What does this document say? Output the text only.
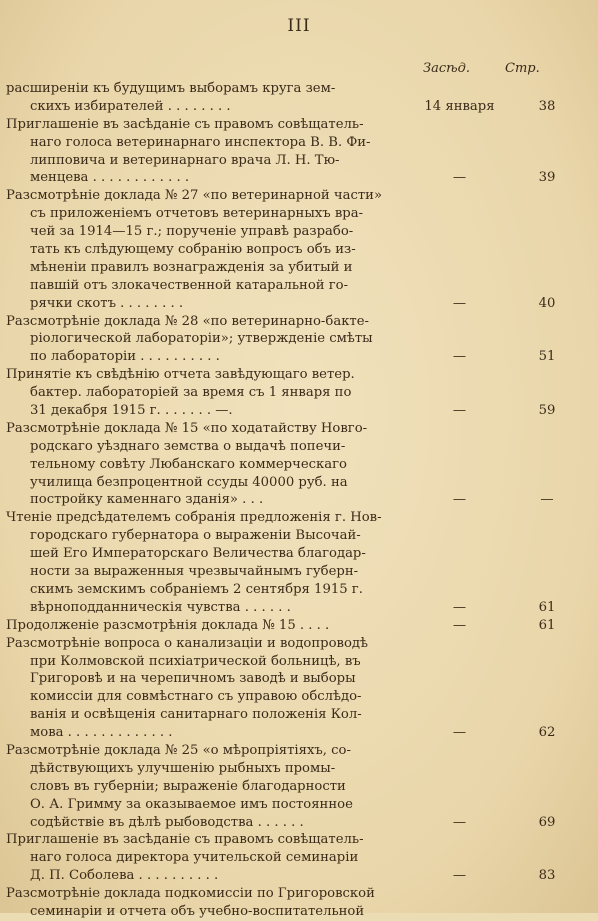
III
Засѣд.	Стр.
расширеніи къ будущимъ выборамъ круга зем-
скихъ избирателей . . . . . . . .	14 января	38
Приглашеніе въ засѣданіе съ правомъ совѣщатель-
наго голоса ветеринарнаго инспектора В. В. Фи-
липповича и ветеринарнаго врача Л. Н. Тю-
менцева . . . . . . . . . . . .	—	39
Разсмотрѣніе доклада № 27 «по ветеринарной части»
съ приложеніемъ отчетовъ ветеринарныхъ вра-
чей за 1914—15 г.; порученіе управѣ разрабо-
тать къ слѣдующему собранію вопросъ объ из-
мѣненіи правилъ вознагражденія за убитый и
павшій отъ злокачественной катаральной го-
рячки скотъ . . . . . . . .	—	40
Разсмотрѣніе доклада № 28 «по ветеринарно-бакте-
ріологической лабораторіи»; утвержденіе смѣты
по лабораторіи . . . . . . . . . .	—	51
Принятіе къ свѣдѣнію отчета завѣдующаго ветер.
бактер. лабораторіей за время съ 1 января по
31 декабря 1915 г. . . . . . . —.	—	59
Разсмотрѣніе доклада № 15 «по ходатайству Новго-
родскаго уѣзднаго земства о выдачѣ попечи-
тельному совѣту Любанскаго коммерческаго
училища безпроцентной ссуды 40000 руб. на
постройку каменнаго зданія» . . .	—	—
Чтеніе предсѣдателемъ собранія предложенія г. Нов-
городскаго губернатора о выраженіи Высочай-
шей Его Императорскаго Величества благодар-
ности за выраженныя чрезвычайнымъ губерн-
скимъ земскимъ собраніемъ 2 сентября 1915 г.
вѣрноподданническія чувства . . . . . .	—	61
Продолженіе разсмотрѣнія доклада № 15 . . . .	—	61
Разсмотрѣніе вопроса о канализаціи и водопроводѣ
при Колмовской психіатрической больницѣ, въ
Григоровѣ и на черепичномъ заводѣ и выборы
комиссіи для совмѣстнаго съ управою обслѣдо-
ванія и освѣщенія санитарнаго положенія Кол-
мова . . . . . . . . . . . . .	—	62
Разсмотрѣніе доклада № 25 «о мѣропріятіяхъ, со-
дѣйствующихъ улучшенію рыбныхъ промы-
словъ въ губерніи; выраженіе благодарности
О. А. Гримму за оказываемое имъ постоянное
содѣйствіе въ дѣлѣ рыбоводства . . . . . .	—	69
Приглашеніе въ засѣданіе съ правомъ совѣщатель-
наго голоса директора учительской семинаріи
Д. П. Соболева . . . . . . . . . .	—	83
Разсмотрѣніе доклада подкомиссіи по Григоровской
семинаріи и отчета объ учебно-воспитательной
